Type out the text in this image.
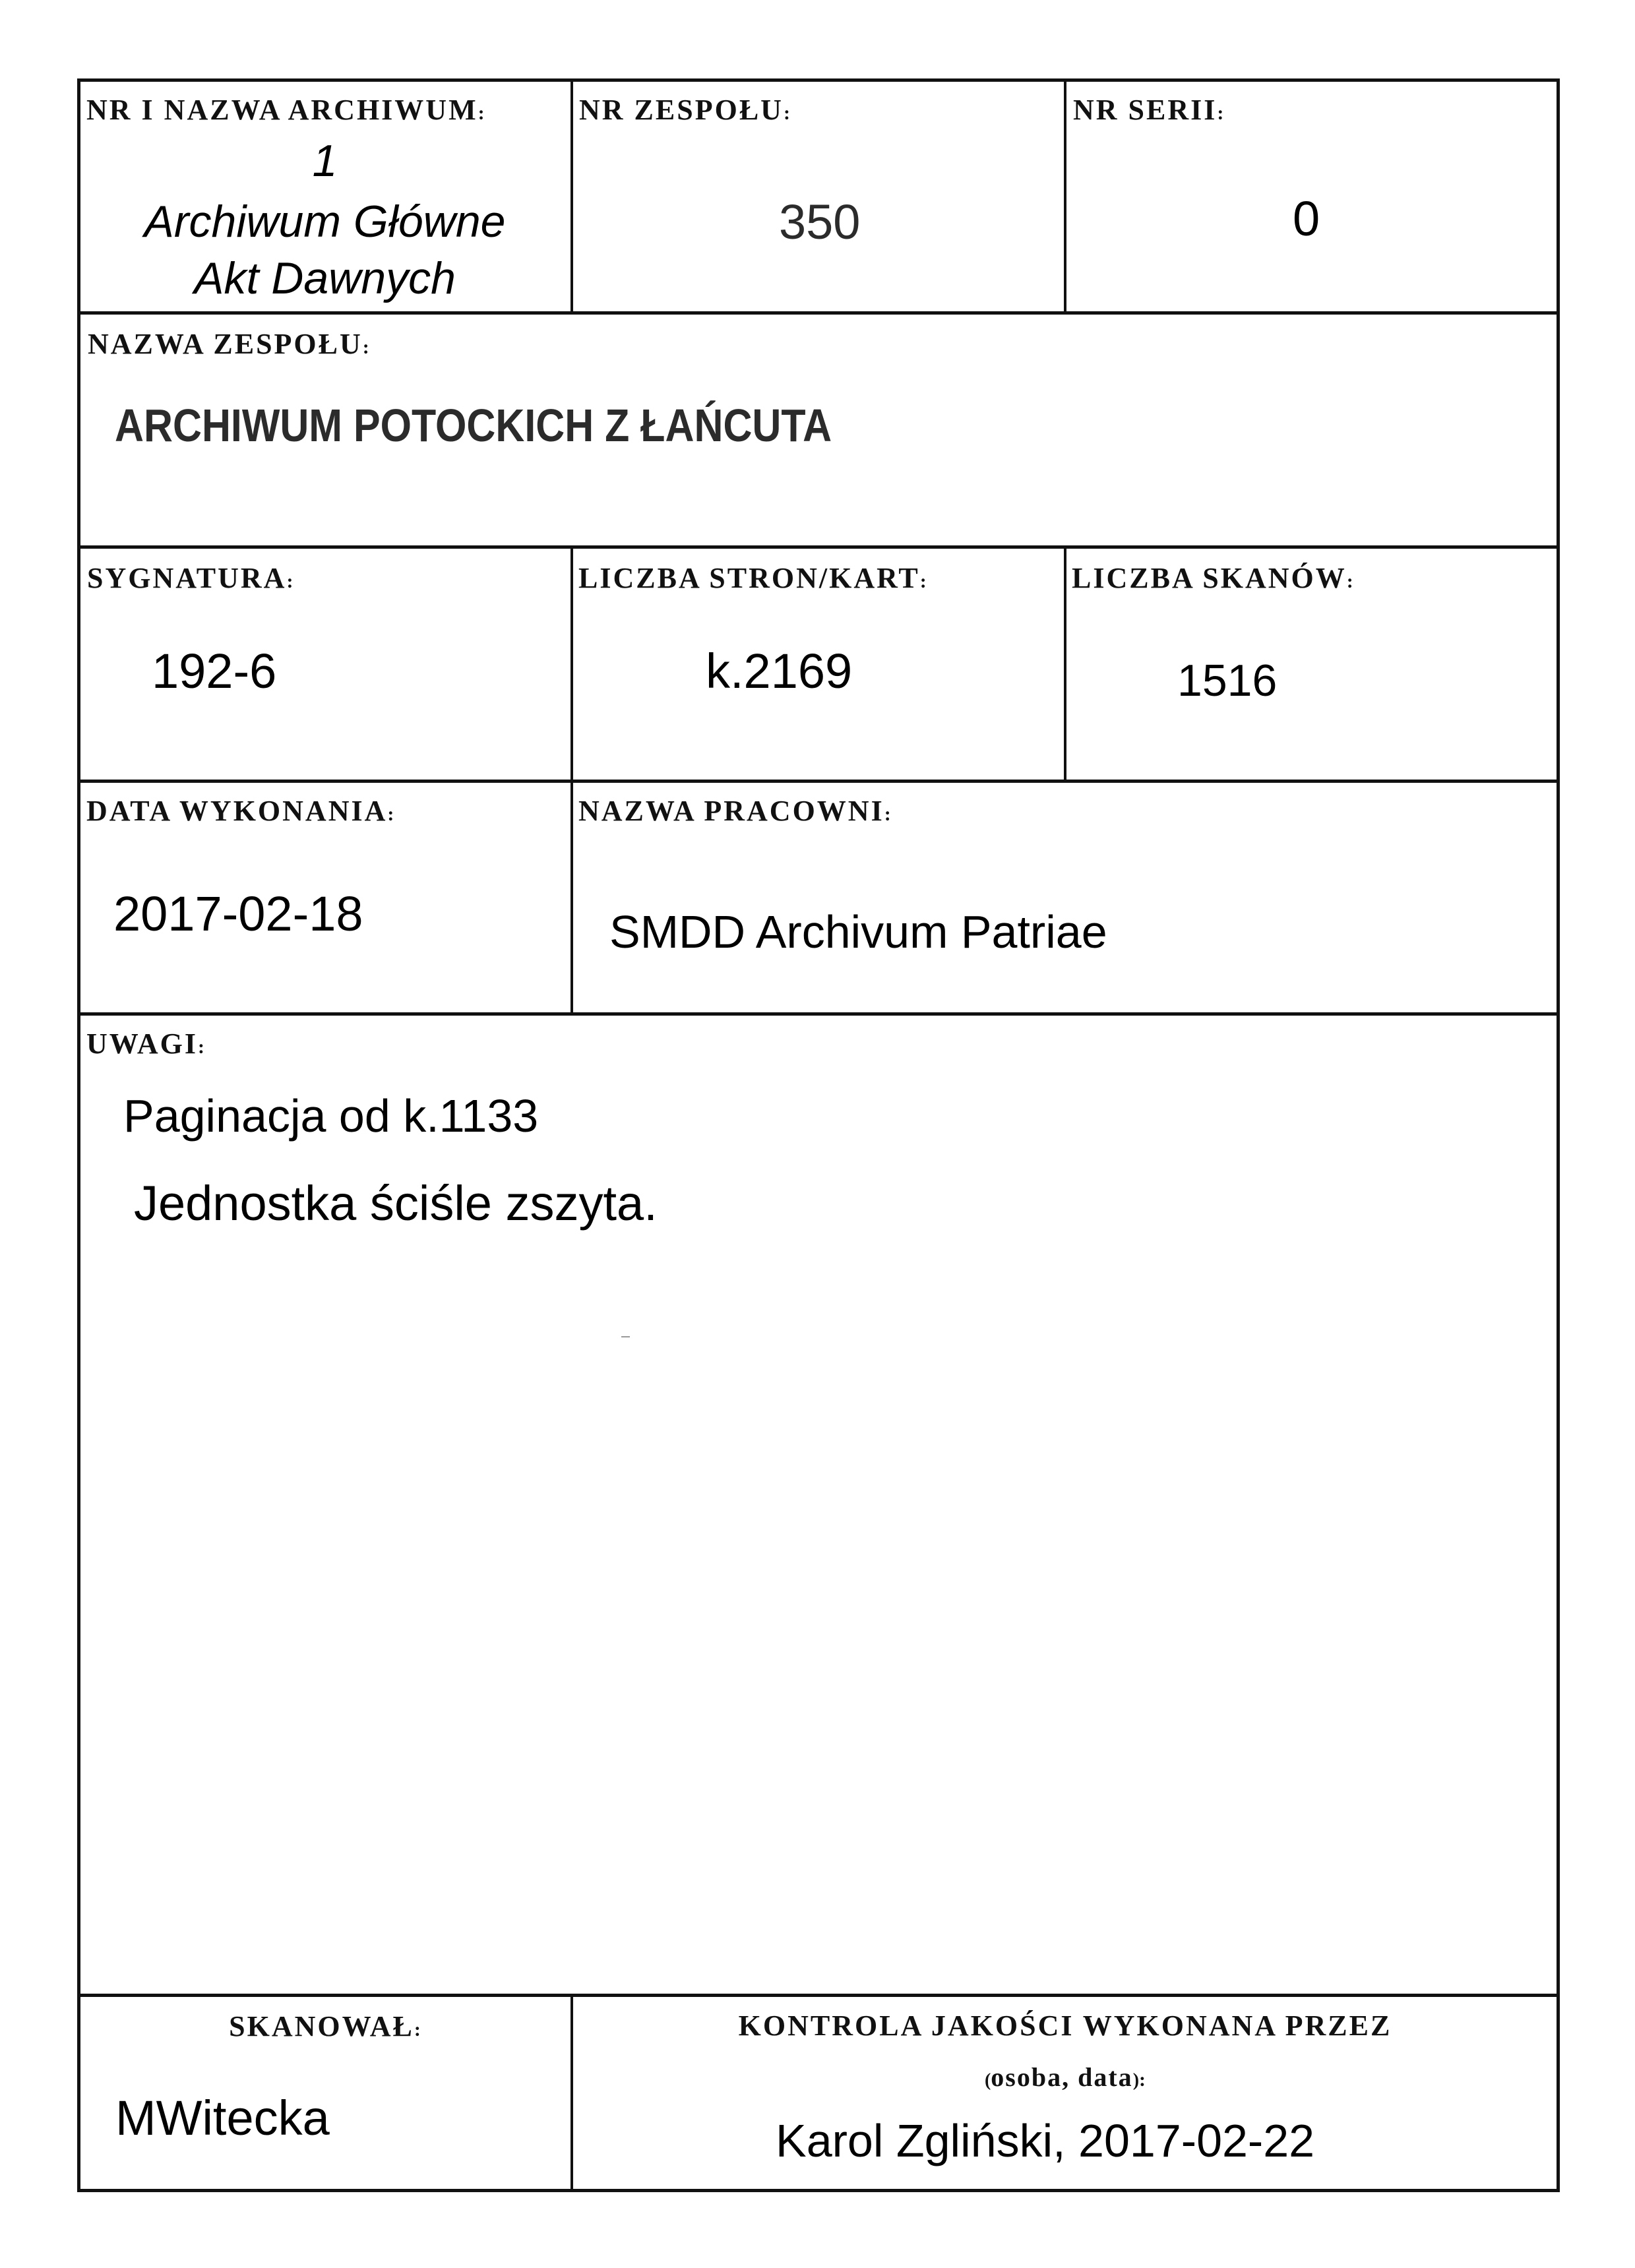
NR I NAZWA ARCHIWUM:
1
Archiwum Główne
Akt Dawnych
NR ZESPOŁU:
350
NR SERII:
0
NAZWA ZESPOŁU:
ARCHIWUM POTOCKICH Z ŁAŃCUTA
SYGNATURA:
192-6
LICZBA STRON/KART:
k.2169
LICZBA SKANÓW:
1516
DATA WYKONANIA:
2017-02-18
NAZWA PRACOWNI:
SMDD Archivum Patriae
UWAGI:
Paginacja od k.1133
Jednostka ściśle zszyta.
SKANOWAŁ:
MWitecka
KONTROLA JAKOŚCI WYKONANA PRZEZ
(osoba, data):
Karol Zgliński, 2017-02-22
